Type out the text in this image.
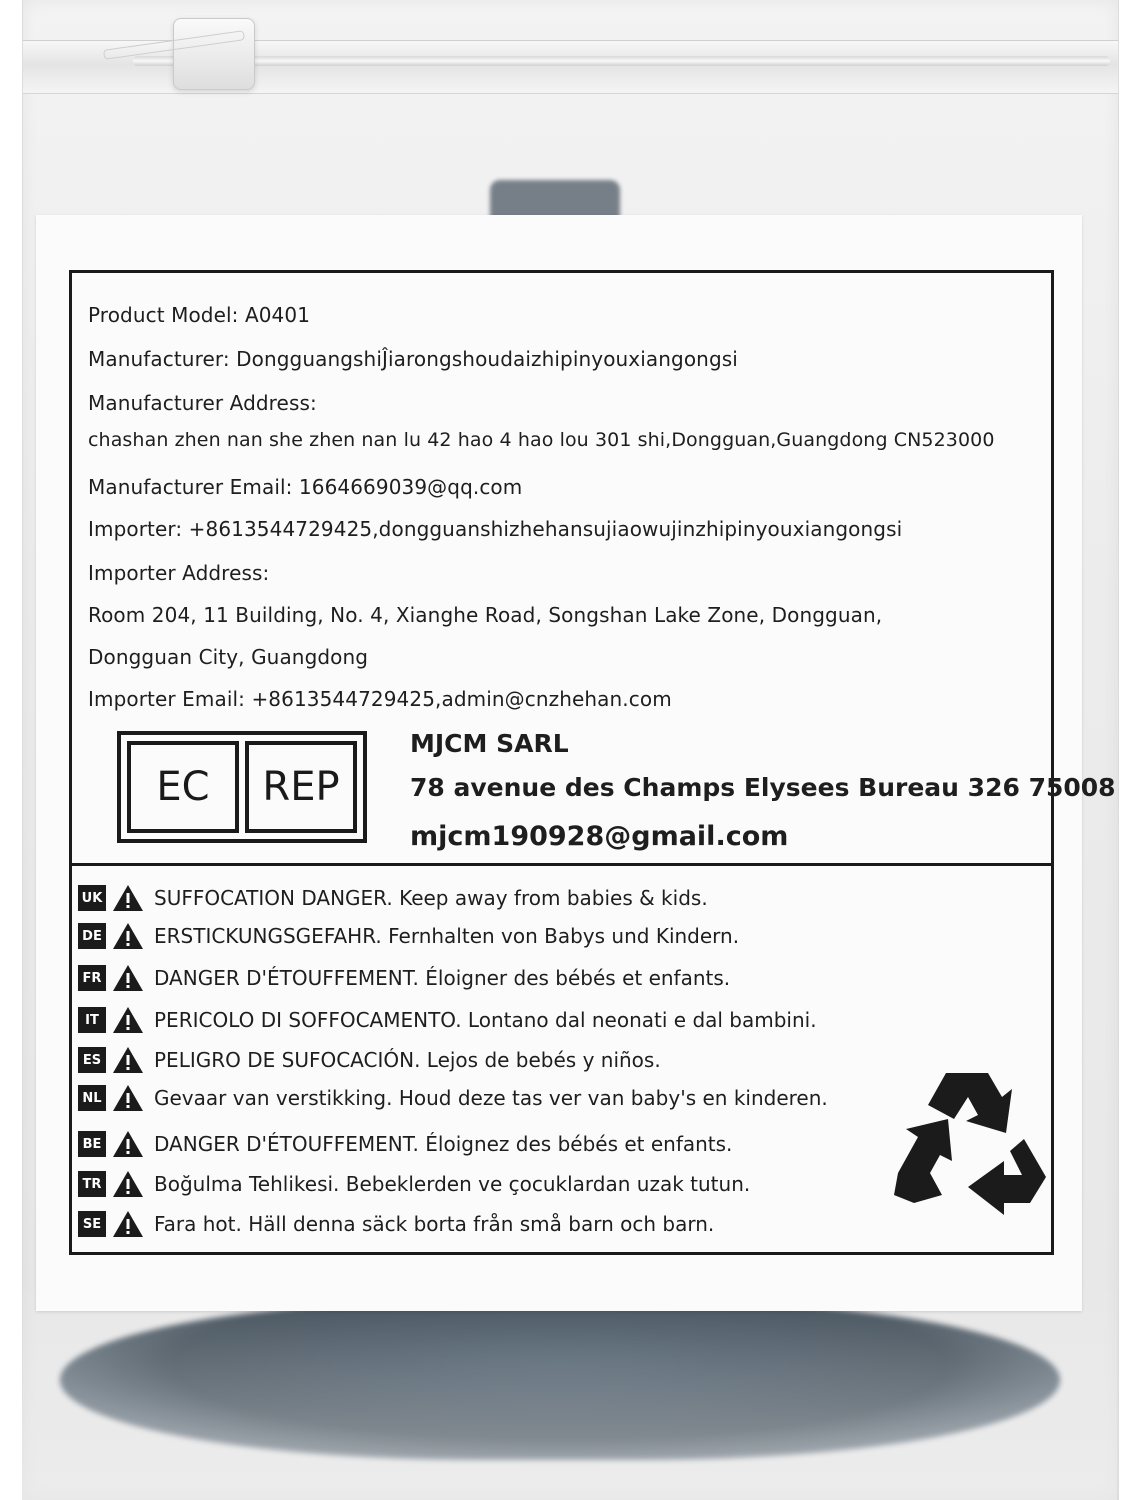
Product Model: A0401
Manufacturer: DongguangshiĴiarongshoudaizhipinyouxiangongsi
Manufacturer Address:
chashan zhen nan she zhen nan lu 42 hao 4 hao lou 301 shi,Dongguan,Guangdong CN523000
Manufacturer Email: 1664669039@qq.com
Importer: +8613544729425,dongguanshizhehansujiaowujinzhipinyouxiangongsi
Importer Address:
Room 204, 11 Building, No. 4, Xianghe Road, Songshan Lake Zone, Dongguan,
Dongguan City, Guangdong
Importer Email: +8613544729425,admin@cnzhehan.com
EC	REP
MJCM SARL
78 avenue des Champs Elysees Bureau 326 75008
mjcm190928@gmail.com
UK	SUFFOCATION DANGER. Keep away from babies & kids.
DE	ERSTICKUNGSGEFAHR. Fernhalten von Babys und Kindern.
FR	DANGER D'ÉTOUFFEMENT. Éloigner des bébés et enfants.
IT	PERICOLO DI SOFFOCAMENTO. Lontano dal neonati e dal bambini.
ES	PELIGRO DE SUFOCACIÓN. Lejos de bebés y niños.
NL	Gevaar van verstikking. Houd deze tas ver van baby's en kinderen.
BE	DANGER D'ÉTOUFFEMENT. Éloignez des bébés et enfants.
TR	Boğulma Tehlikesi. Bebeklerden ve çocuklardan uzak tutun.
SE	Fara hot. Häll denna säck borta från små barn och barn.
